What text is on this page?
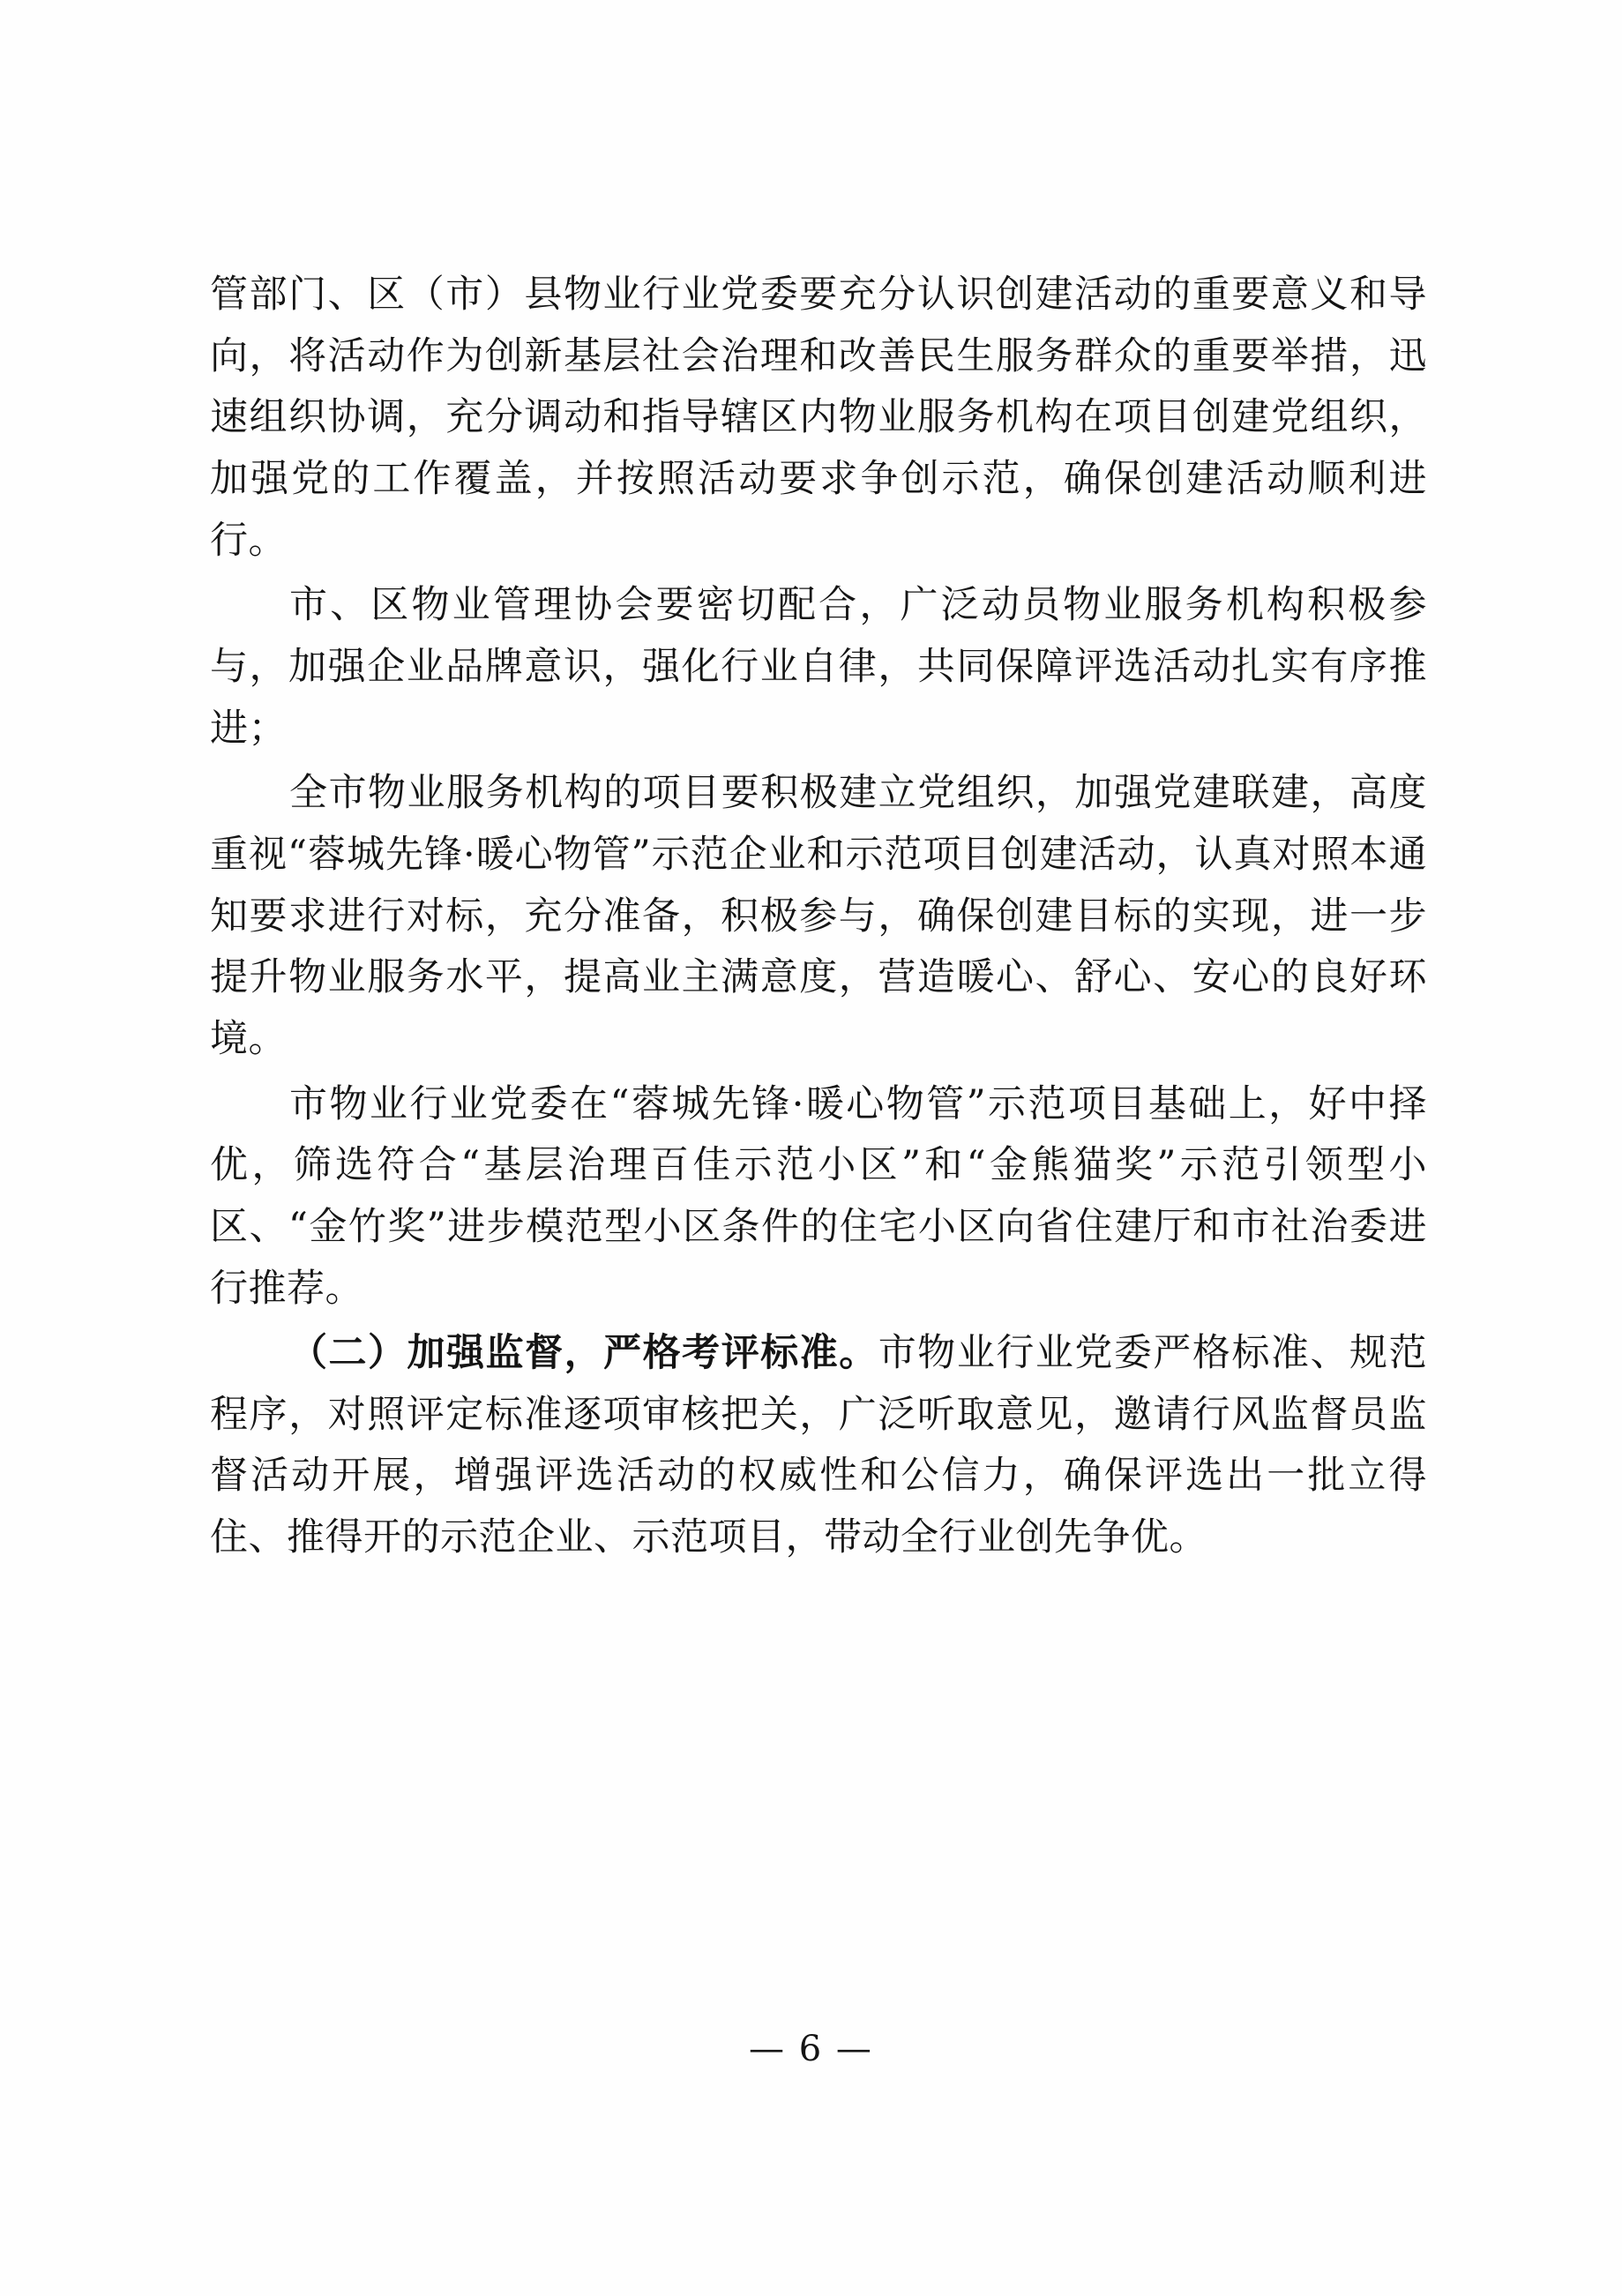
管部门、区（市）县物业行业党委要充分认识创建活动的重要意义和导向，将活动作为创新基层社会治理和改善民生服务群众的重要举措，迅速组织协调，充分调动和指导辖区内物业服务机构在项目创建党组织，加强党的工作覆盖，并按照活动要求争创示范，确保创建活动顺利进行。

市、区物业管理协会要密切配合，广泛动员物业服务机构积极参与，加强企业品牌意识，强化行业自律，共同保障评选活动扎实有序推进；

全市物业服务机构的项目要积极建立党组织，加强党建联建，高度重视“蓉城先锋·暖心物管”示范企业和示范项目创建活动，认真对照本通知要求进行对标，充分准备，积极参与，确保创建目标的实现，进一步提升物业服务水平，提高业主满意度，营造暖心、舒心、安心的良好环境。

市物业行业党委在“蓉城先锋·暖心物管”示范项目基础上，好中择优，筛选符合“基层治理百佳示范小区”和“金熊猫奖”示范引领型小区、“金竹奖”进步模范型小区条件的住宅小区向省住建厅和市社治委进行推荐。

（二）加强监督，严格考评标准。市物业行业党委严格标准、规范程序，对照评定标准逐项审核把关，广泛听取意见，邀请行风监督员监督活动开展，增强评选活动的权威性和公信力，确保评选出一批立得住、推得开的示范企业、示范项目，带动全行业创先争优。

— 6 —
